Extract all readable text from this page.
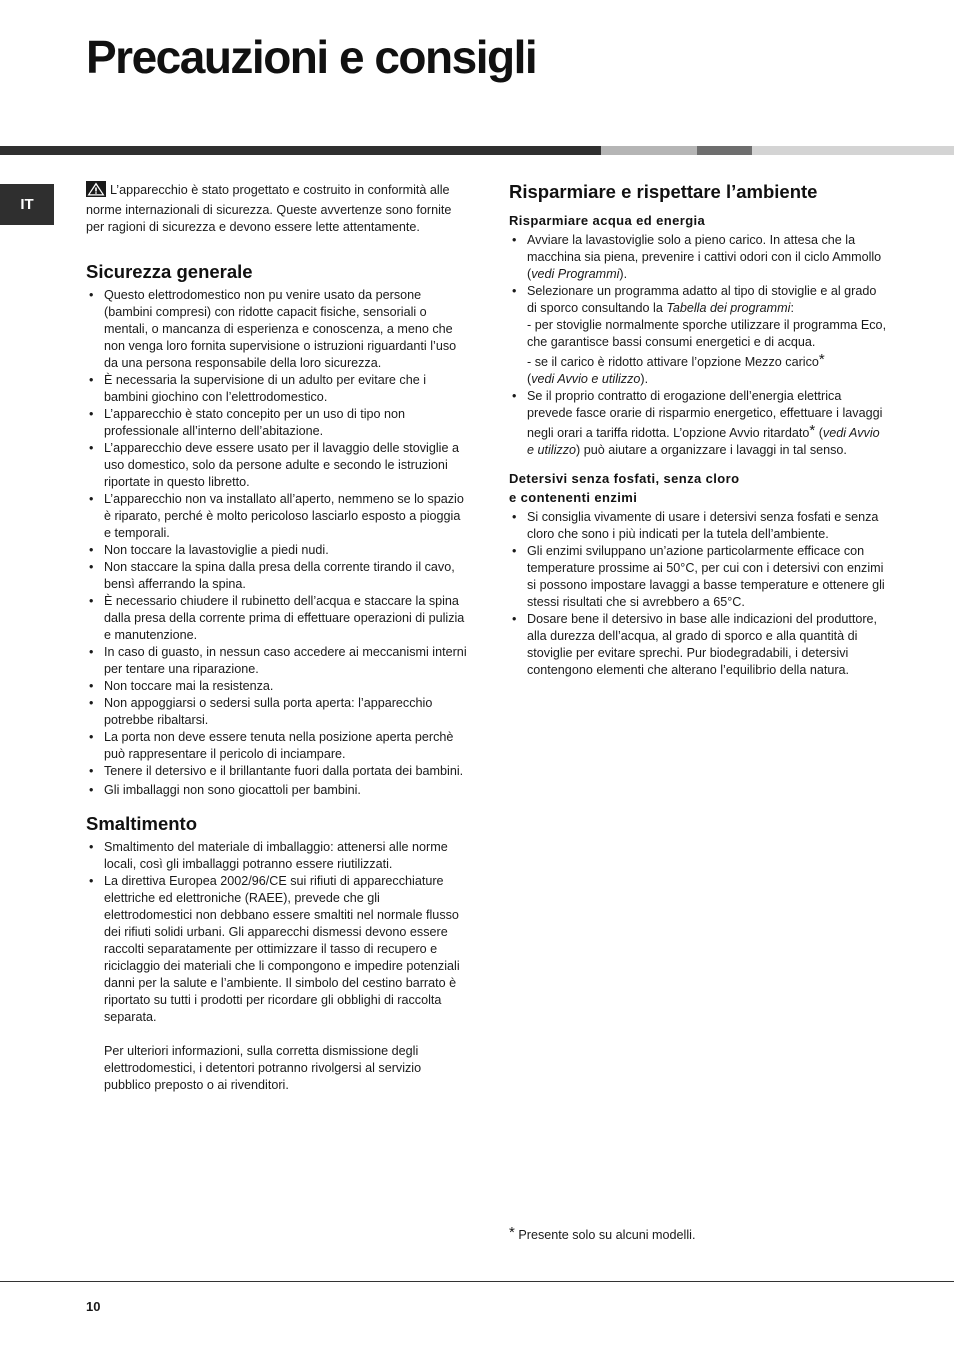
Precauzioni e consigli
IT

L’apparecchio è stato progettato e costruito in conformità alle norme internazionali di sicurezza. Queste avvertenze sono fornite per ragioni di sicurezza e devono essere lette attentamente.

Sicurezza generale
• Questo elettrodomestico non pu venire usato da persone (bambini compresi) con ridotte capacit fisiche, sensoriali o mentali, o mancanza di esperienza e conoscenza, a meno che non venga loro fornita supervisione o istruzioni riguardanti l’uso da una persona responsabile della loro sicurezza.
• È necessaria la supervisione di un adulto per evitare che i bambini giochino con l’elettrodomestico.
• L’apparecchio è stato concepito per un uso di tipo non professionale all’interno dell’abitazione.
• L’apparecchio deve essere usato per il lavaggio delle stoviglie a uso domestico, solo da persone adulte e secondo le istruzioni riportate in questo libretto.
• L’apparecchio non va installato all’aperto, nemmeno se lo spazio è riparato, perché è molto pericoloso lasciarlo esposto a pioggia e temporali.
• Non toccare la lavastoviglie a piedi nudi.
• Non staccare la spina dalla presa della corrente tirando il cavo, bensì afferrando la spina.
• È necessario chiudere il rubinetto dell’acqua e staccare la spina dalla presa della corrente prima di effettuare operazioni di pulizia e manutenzione.
• In caso di guasto, in nessun caso accedere ai meccanismi interni per tentare una riparazione.
• Non toccare mai la resistenza.
• Non appoggiarsi o sedersi sulla porta aperta: l’apparecchio potrebbe ribaltarsi.
• La porta non deve essere tenuta nella posizione aperta perchè può rappresentare il pericolo di inciampare.
• Tenere il detersivo e il brillantante fuori dalla portata dei bambini.
• Gli imballaggi non sono giocattoli per bambini.
Smaltimento
• Smaltimento del materiale di imballaggio: attenersi alle norme locali, così gli imballaggi potranno essere riutilizzati.
• La direttiva Europea 2002/96/CE sui rifiuti di apparecchiature elettriche ed elettroniche (RAEE), prevede che gli elettrodomestici non debbano essere smaltiti nel normale flusso dei rifiuti solidi urbani. Gli apparecchi dismessi devono essere raccolti separatamente per ottimizzare il tasso di recupero e riciclaggio dei materiali che li compongono e impedire potenziali danni per la salute e l’ambiente. Il simbolo del cestino barrato è riportato su tutti i prodotti per ricordare gli obblighi di raccolta separata.

Per ulteriori informazioni, sulla corretta dismissione degli elettrodomestici, i detentori potranno rivolgersi al servizio pubblico preposto o ai rivenditori.

Risparmiare e rispettare l’ambiente
Risparmiare acqua ed energia
• Avviare la lavastoviglie solo a pieno carico. In attesa che la macchina sia piena, prevenire i cattivi odori con il ciclo Ammollo (vedi Programmi).
• Selezionare un programma adatto al tipo di stoviglie e al grado di sporco consultando la Tabella dei programmi:
- per stoviglie normalmente sporche utilizzare il programma Eco, che garantisce bassi consumi energetici e di acqua.
- se il carico è ridotto attivare l’opzione Mezzo carico*
(vedi Avvio e utilizzo).
• Se il proprio contratto di erogazione dell’energia elettrica prevede fasce orarie di risparmio energetico, effettuare i lavaggi negli orari a tariffa ridotta. L’opzione Avvio ritardato* (vedi Avvio e utilizzo) può aiutare a organizzare i lavaggi in tal senso.
Detersivi senza fosfati, senza cloro
e contenenti enzimi
• Si consiglia vivamente di usare i detersivi senza fosfati e senza cloro che sono i più indicati per la tutela dell’ambiente.
• Gli enzimi sviluppano un’azione particolarmente efficace con temperature prossime ai 50°C, per cui con i detersivi con enzimi si possono impostare lavaggi a basse temperature e ottenere gli stessi risultati che si avrebbero a 65°C.
• Dosare bene il detersivo in base alle indicazioni del produttore, alla durezza dell’acqua, al grado di sporco e alla quantità di stoviglie per evitare sprechi. Pur biodegradabili, i detersivi contengono elementi che alterano l’equilibrio della natura.
* Presente solo su alcuni modelli.
10
